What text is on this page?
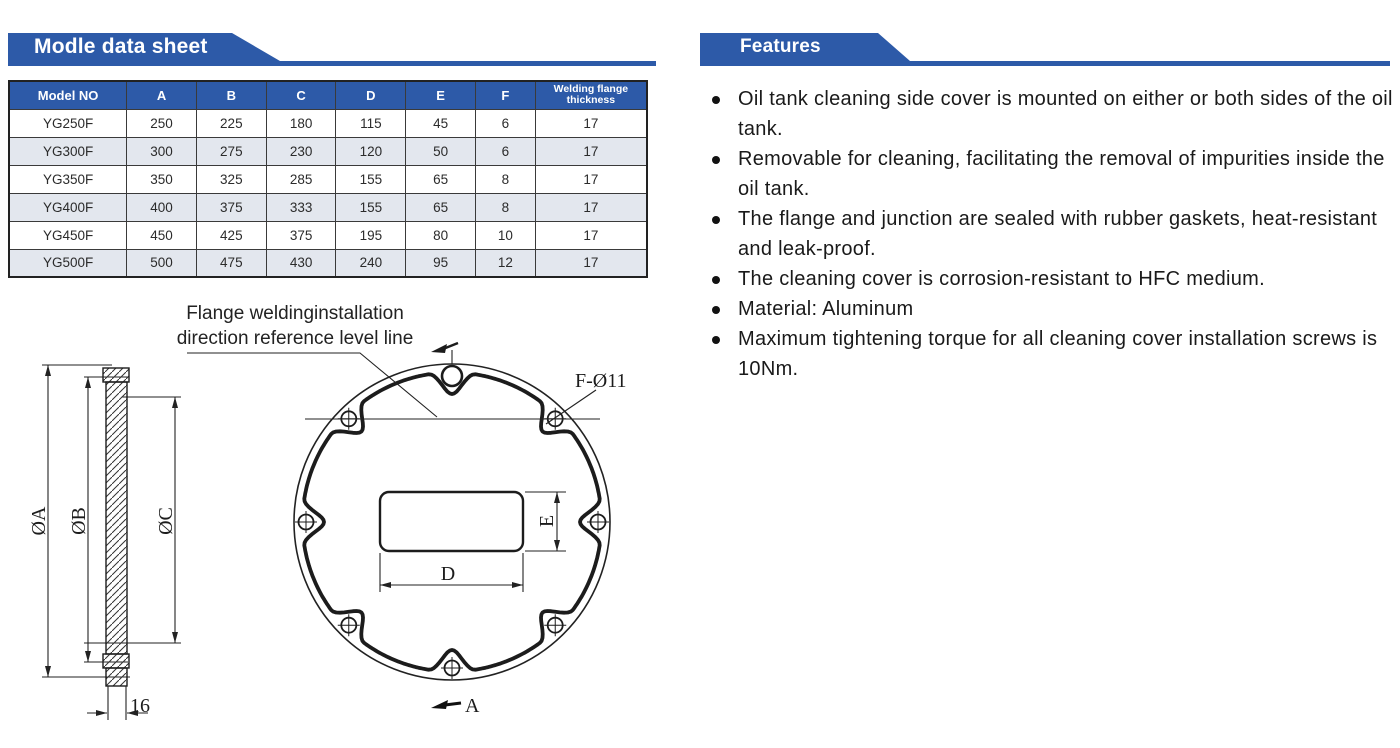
Modle data sheet
Model NO	A	B	C	D	E	F	Welding flange
thickness

YG250F	250	225	180	115	45	6	17
YG300F	300	275	230	120	50	6	17
YG350F	350	325	285	155	65	8	17
YG400F	400	375	333	155	65	8	17
YG450F	450	425	375	195	80	10	17
YG500F	500	475	430	240	95	12	17
Features
Oil tank cleaning side cover is mounted on either or both sides of the oil tank.
Removable for cleaning, facilitating the removal of impurities inside the oil tank.
The flange and junction are sealed with rubber gaskets, heat-resistant and leak-proof.
The cleaning cover is corrosion-resistant to HFC medium.
Material: Aluminum
Maximum tightening torque for all cleaning cover installation screws is 10Nm.
Flange weldinginstallation
direction reference level line
ØA ØB	ØC
16
F-Ø11
D
E
A
